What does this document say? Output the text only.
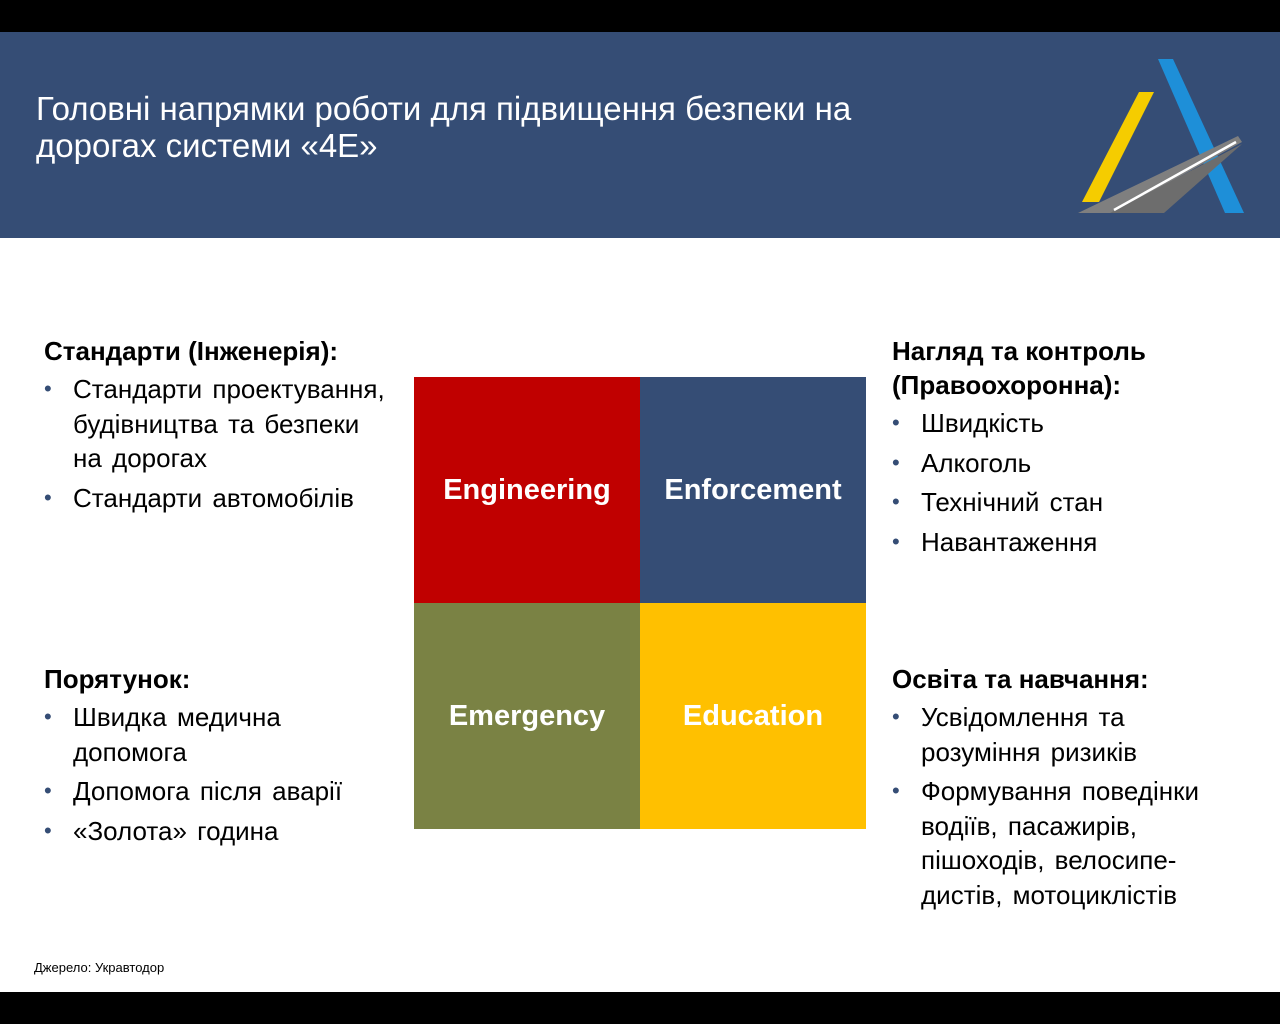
Головні напрямки роботи для підвищення безпеки на
дорогах системи «4Е»
Стандарти (Інженерія):
• Стандарти проектування, будівництва та безпеки на дорогах
• Стандарти автомобілів
Нагляд та контроль (Правоохоронна):
• Швидкість
• Алкоголь
• Технічний стан
• Навантаження
Engineering	Enforcement
Emergency	Education
Порятунок:
• Швидка медична допомога
• Допомога після аварії
• «Золота» година
Освіта та навчання:
• Усвідомлення та розуміння ризиків
• Формування поведінки водіїв, пасажирів, пішоходів, велосипе-дистів, мотоциклістів
Джерело: Укравтодор
